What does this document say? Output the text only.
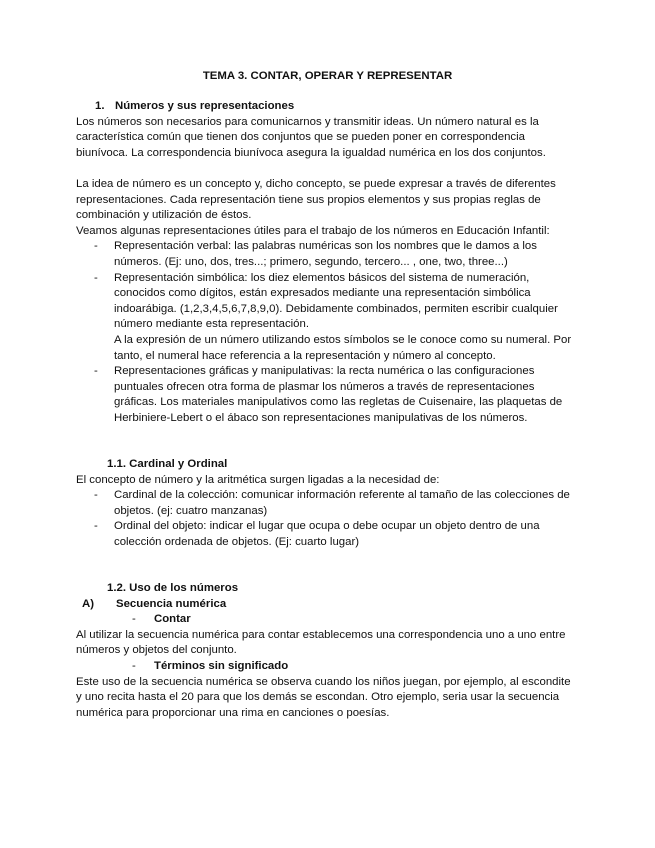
TEMA 3. CONTAR, OPERAR Y REPRESENTAR

1. Números y sus representaciones

Los números son necesarios para comunicarnos y transmitir ideas. Un número natural es la característica común que tienen dos conjuntos que se pueden poner en correspondencia biunívoca. La correspondencia biunívoca asegura la igualdad numérica en los dos conjuntos.

La idea de número es un concepto y, dicho concepto, se puede expresar a través de diferentes representaciones. Cada representación tiene sus propios elementos y sus propias reglas de combinación y utilización de éstos.

Veamos algunas representaciones útiles para el trabajo de los números en Educación Infantil:

- Representación verbal: las palabras numéricas son los nombres que le damos a los números. (Ej: uno, dos, tres...; primero, segundo, tercero... , one, two, three...)
- Representación simbólica: los diez elementos básicos del sistema de numeración, conocidos como dígitos, están expresados mediante una representación simbólica indoarábiga. (1,2,3,4,5,6,7,8,9,0). Debidamente combinados, permiten escribir cualquier número mediante esta representación.

A la expresión de un número utilizando estos símbolos se le conoce como su numeral. Por tanto, el numeral hace referencia a la representación y número al concepto.

- Representaciones gráficas y manipulativas: la recta numérica o las configuraciones puntuales ofrecen otra forma de plasmar los números a través de representaciones gráficas. Los materiales manipulativos como las regletas de Cuisenaire, las plaquetas de Herbiniere-Lebert o el ábaco son representaciones manipulativas de los números.

1.1. Cardinal y Ordinal

El concepto de número y la aritmética surgen ligadas a la necesidad de:

- Cardinal de la colección: comunicar información referente al tamaño de las colecciones de objetos. (ej: cuatro manzanas)
- Ordinal del objeto: indicar el lugar que ocupa o debe ocupar un objeto dentro de una colección ordenada de objetos. (Ej: cuarto lugar)

1.2. Uso de los números

A) Secuencia numérica

- Contar

Al utilizar la secuencia numérica para contar establecemos una correspondencia uno a uno entre números y objetos del conjunto.

- Términos sin significado

Este uso de la secuencia numérica se observa cuando los niños juegan, por ejemplo, al escondite y uno recita hasta el 20 para que los demás se escondan. Otro ejemplo, seria usar la secuencia numérica para proporcionar una rima en canciones o poesías.
